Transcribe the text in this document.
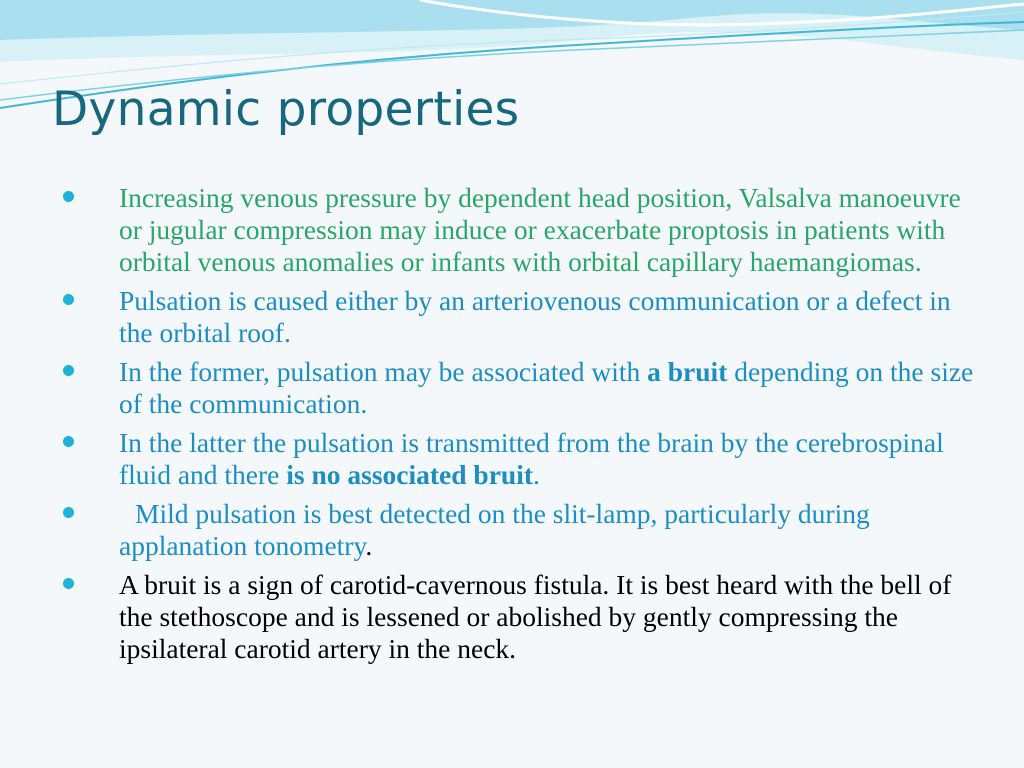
Dynamic properties
Increasing venous pressure by dependent head position, Valsalva manoeuvre or jugular compression may induce or exacerbate proptosis in patients with orbital venous anomalies or infants with orbital capillary haemangiomas.
Pulsation is caused either by an arteriovenous communication or a defect in the orbital roof.
In the former, pulsation may be associated with a bruit depending on the size of the communication.
In the latter the pulsation is transmitted from the brain by the cerebrospinal fluid and there is no associated bruit.
Mild pulsation is best detected on the slit-lamp, particularly during applanation tonometry.
A bruit is a sign of carotid-cavernous fistula. It is best heard with the bell of the stethoscope and is lessened or abolished by gently compressing the ipsilateral carotid artery in the neck.
